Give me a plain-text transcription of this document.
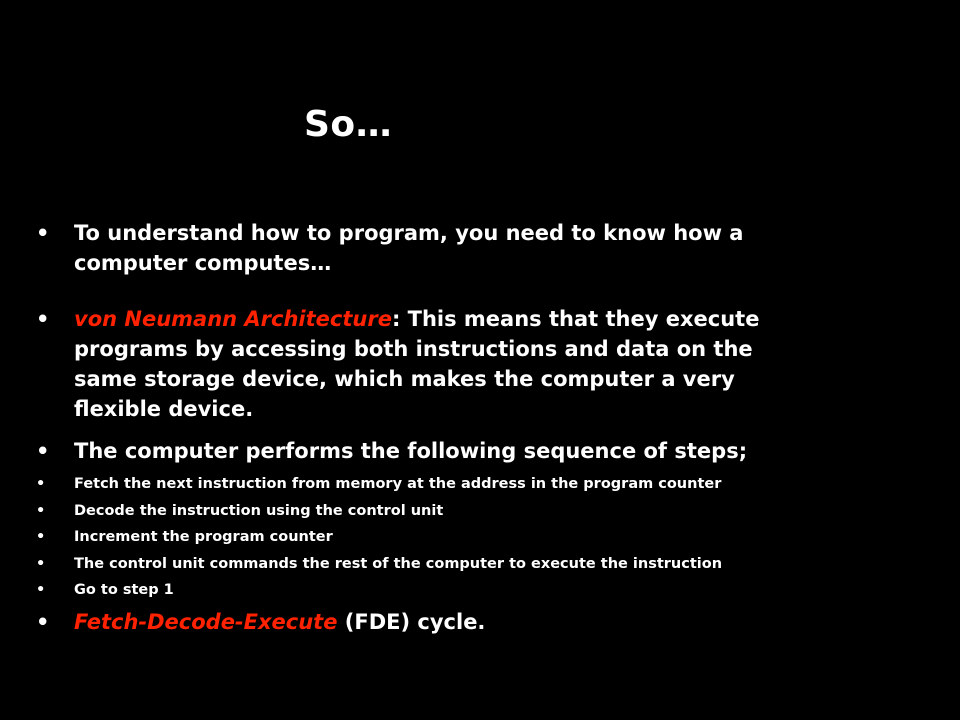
So…
• To understand how to program, you need to know how a computer computes…
• von Neumann Architecture: This means that they execute programs by accessing both instructions and data on the same storage device, which makes the computer a very flexible device.
• The computer performs the following sequence of steps;
• Fetch the next instruction from memory at the address in the program counter
• Decode the instruction using the control unit
• Increment the program counter
• The control unit commands the rest of the computer to execute the instruction
• Go to step 1
• Fetch-Decode-Execute (FDE) cycle.
